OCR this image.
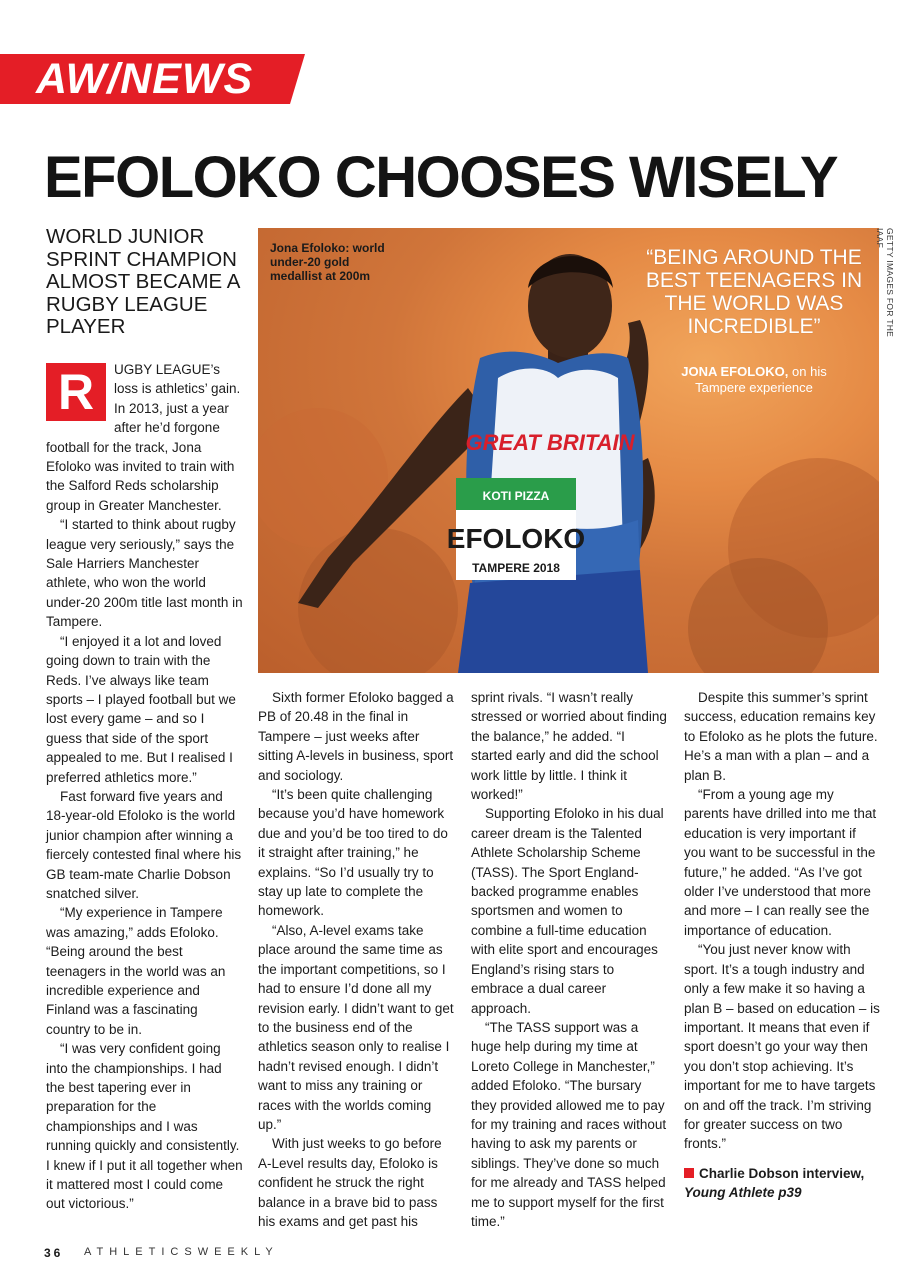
AW/NEWS
EFOLOKO CHOOSES WISELY
WORLD JUNIOR SPRINT CHAMPION ALMOST BECAME A RUGBY LEAGUE PLAYER
GREAT BRITAIN
KOTI PIZZA
EFOLOKO
TAMPERE 2018
Jona Efoloko: world under-20 gold medallist at 200m
“BEING AROUND THE BEST TEENAGERS IN THE WORLD WAS INCREDIBLE”
JONA EFOLOKO, on his Tampere experience
GETTY IMAGES FOR THE IAAF
R	UGBY LEAGUE’s loss is athletics’ gain. In 2013, just a year after he’d forgone football for the track, Jona Efoloko was invited to train with the Salford Reds scholarship group in Greater Manchester.

“I started to think about rugby league very seriously,” says the Sale Harriers Manchester athlete, who won the world under-20 200m title last month in Tampere.

“I enjoyed it a lot and loved going down to train with the Reds. I’ve always like team sports – I played football but we lost every game – and so I guess that side of the sport appealed to me. But I realised I preferred athletics more.”

Fast forward five years and 18-year-old Efoloko is the world junior champion after winning a fiercely contested final where his GB team-mate Charlie Dobson snatched silver.

“My experience in Tampere was amazing,” adds Efoloko. “Being around the best teenagers in the world was an incredible experience and Finland was a fascinating country to be in.

“I was very confident going into the championships. I had the best tapering ever in preparation for the championships and I was running quickly and consistently. I knew if I put it all together when it mattered most I could come out victorious.”

Sixth former Efoloko bagged a PB of 20.48 in the final in Tampere – just weeks after sitting A-levels in business, sport and sociology.

“It’s been quite challenging because you’d have homework due and you’d be too tired to do it straight after training,” he explains. “So I’d usually try to stay up late to complete the homework.

“Also, A-level exams take place around the same time as the important competitions, so I had to ensure I’d done all my revision early. I didn’t want to get to the business end of the athletics season only to realise I hadn’t revised enough. I didn’t want to miss any training or races with the worlds coming up.”

With just weeks to go before A-Level results day, Efoloko is confident he struck the right balance in a brave bid to pass his exams and get past his

sprint rivals. “I wasn’t really stressed or worried about finding the balance,” he added. “I started early and did the school work little by little. I think it worked!”

Supporting Efoloko in his dual career dream is the Talented Athlete Scholarship Scheme (TASS). The Sport England-backed programme enables sportsmen and women to combine a full-time education with elite sport and encourages England’s rising stars to embrace a dual career approach.

“The TASS support was a huge help during my time at Loreto College in Manchester,” added Efoloko. “The bursary they provided allowed me to pay for my training and races without having to ask my parents or siblings. They’ve done so much for me already and TASS helped me to support myself for the first time.”

Despite this summer’s sprint success, education remains key to Efoloko as he plots the future. He’s a man with a plan – and a plan B.

“From a young age my parents have drilled into me that education is very important if you want to be successful in the future,” he added. “As I’ve got older I’ve understood that more and more – I can really see the importance of education.

“You just never know with sport. It’s a tough industry and only a few make it so having a plan B – based on education – is important. It means that even if sport doesn’t go your way then you don’t stop achieving. It’s important for me to have targets on and off the track. I’m striving for greater success on two fronts.”

Charlie Dobson interview,
Young Athlete p39
36 ATHLETICSWEEKLY
